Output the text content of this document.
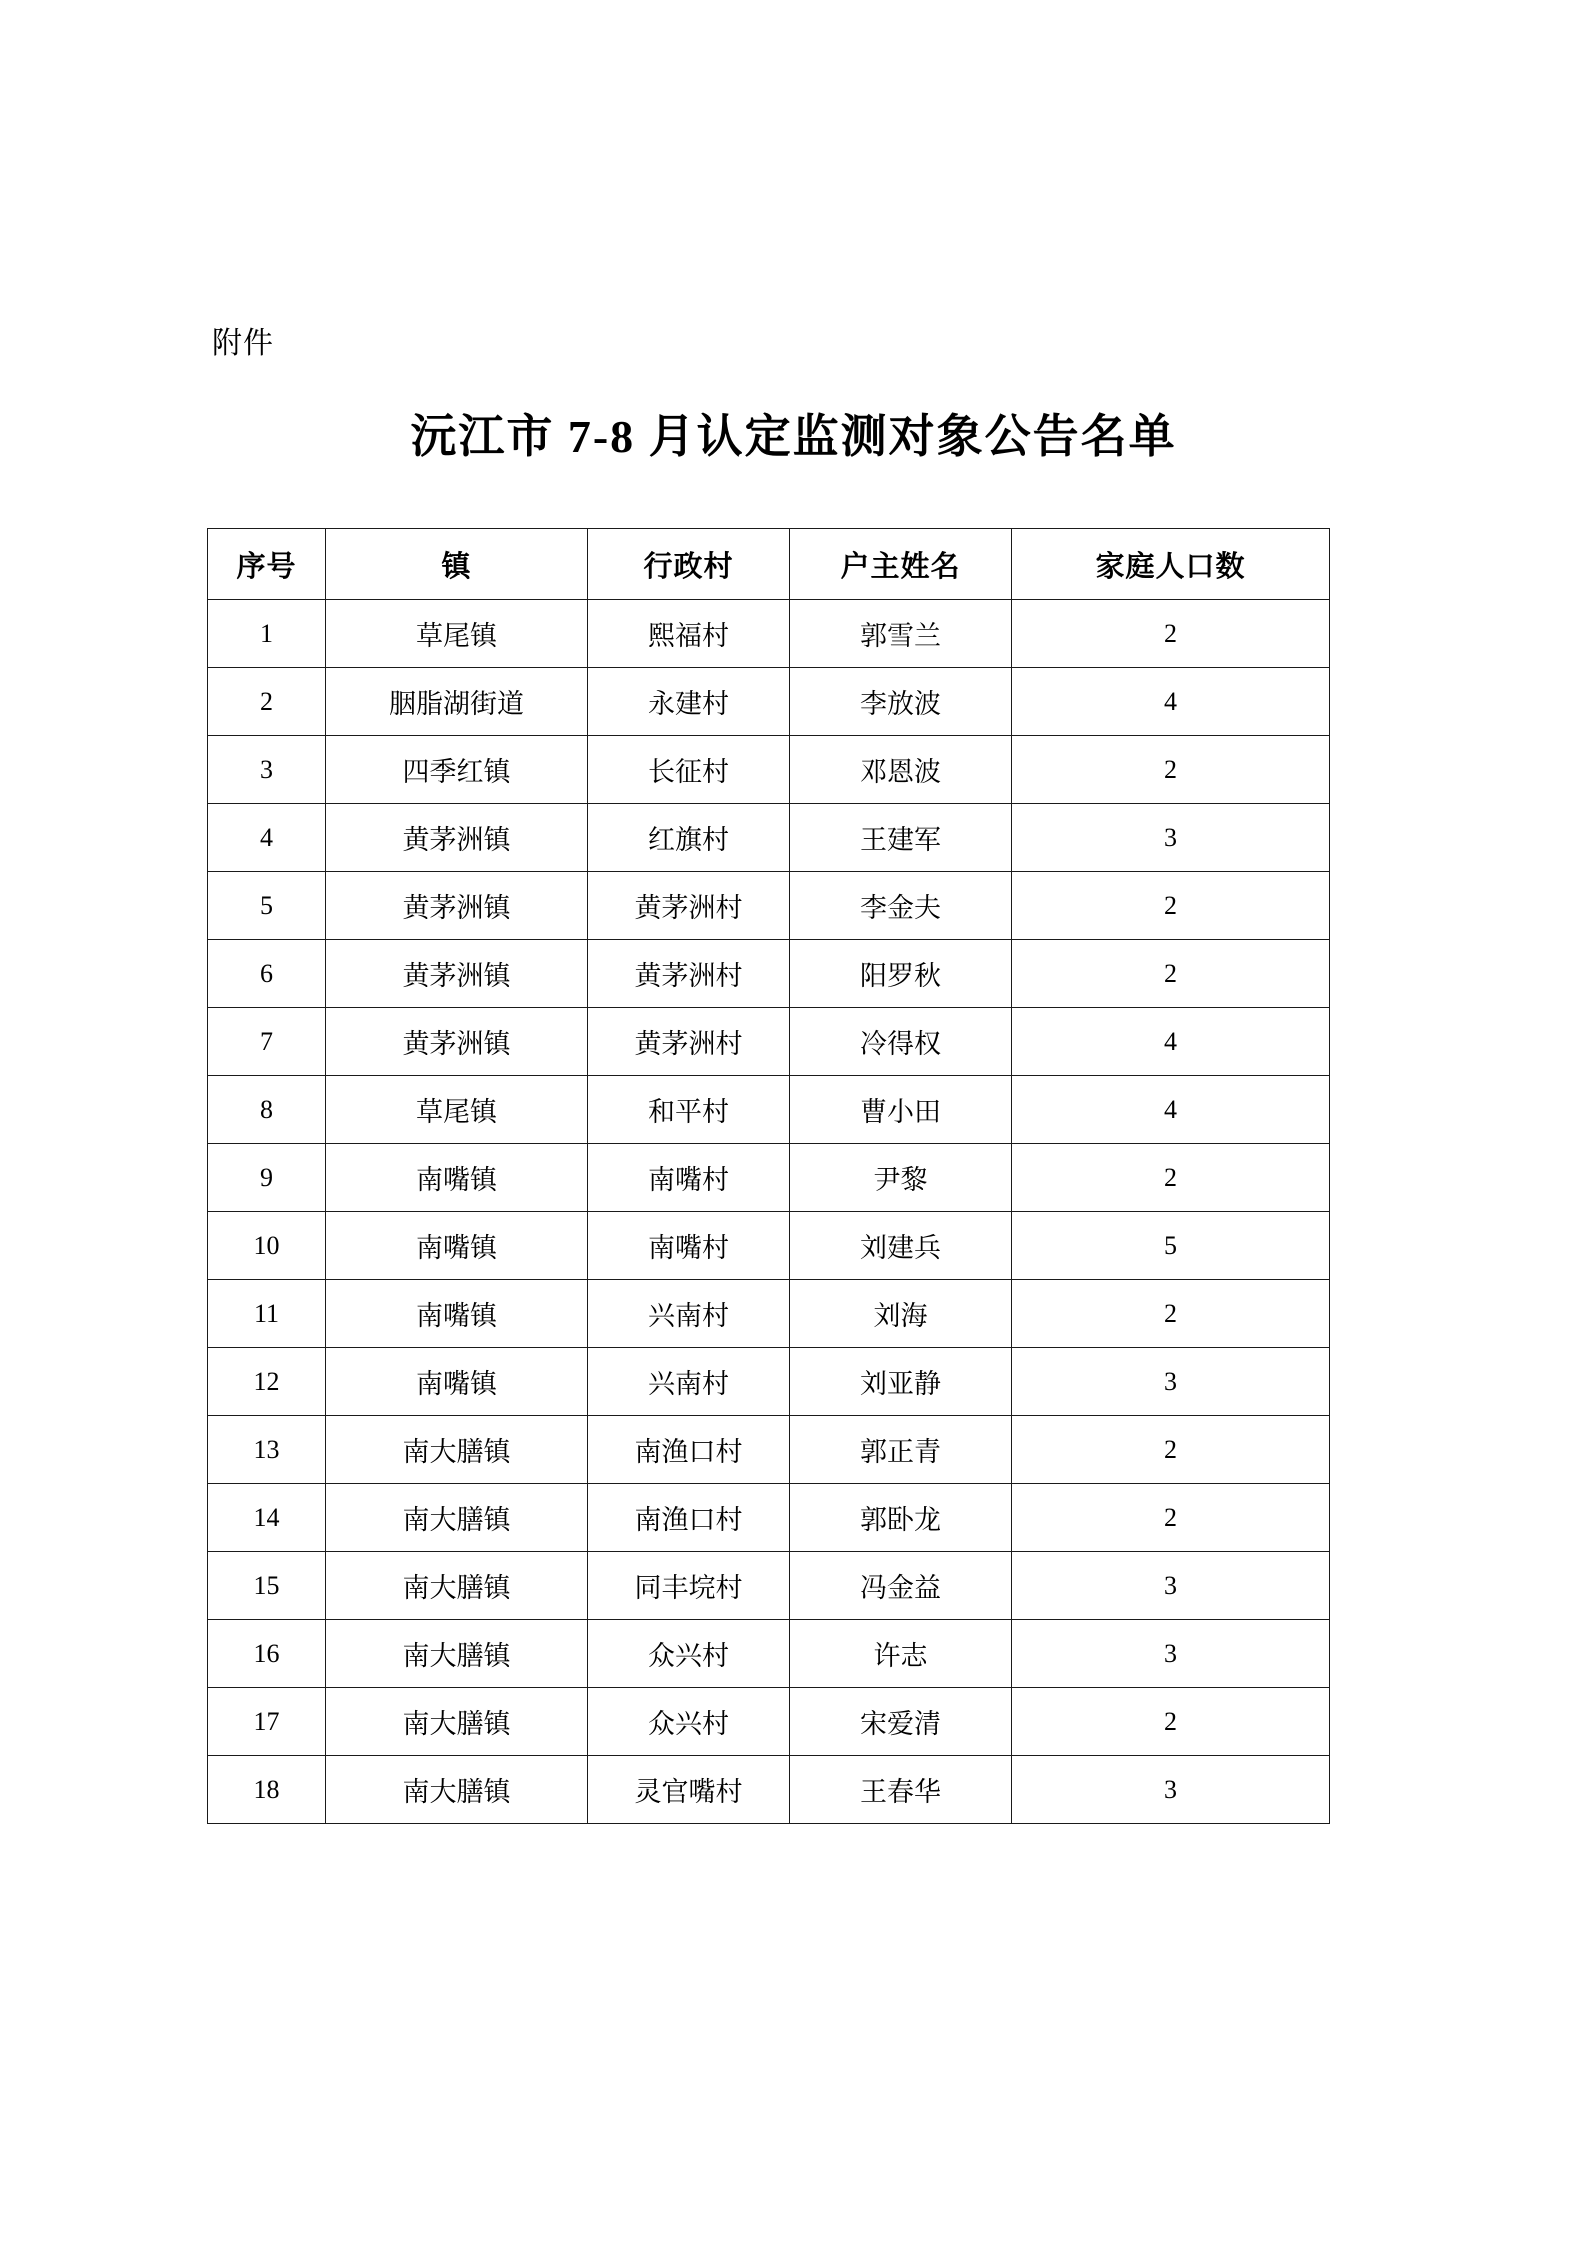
附件
沅江市 7-8 月认定监测对象公告名单
序号	镇	行政村	户主姓名	家庭人口数
1	草尾镇	熙福村	郭雪兰	2
2	胭脂湖街道	永建村	李放波	4
3	四季红镇	长征村	邓恩波	2
4	黄茅洲镇	红旗村	王建军	3
5	黄茅洲镇	黄茅洲村	李金夫	2
6	黄茅洲镇	黄茅洲村	阳罗秋	2
7	黄茅洲镇	黄茅洲村	冷得权	4
8	草尾镇	和平村	曹小田	4
9	南嘴镇	南嘴村	尹黎	2
10	南嘴镇	南嘴村	刘建兵	5
11	南嘴镇	兴南村	刘海	2
12	南嘴镇	兴南村	刘亚静	3
13	南大膳镇	南渔口村	郭正青	2
14	南大膳镇	南渔口村	郭卧龙	2
15	南大膳镇	同丰垸村	冯金益	3
16	南大膳镇	众兴村	许志	3
17	南大膳镇	众兴村	宋爱清	2
18	南大膳镇	灵官嘴村	王春华	3
